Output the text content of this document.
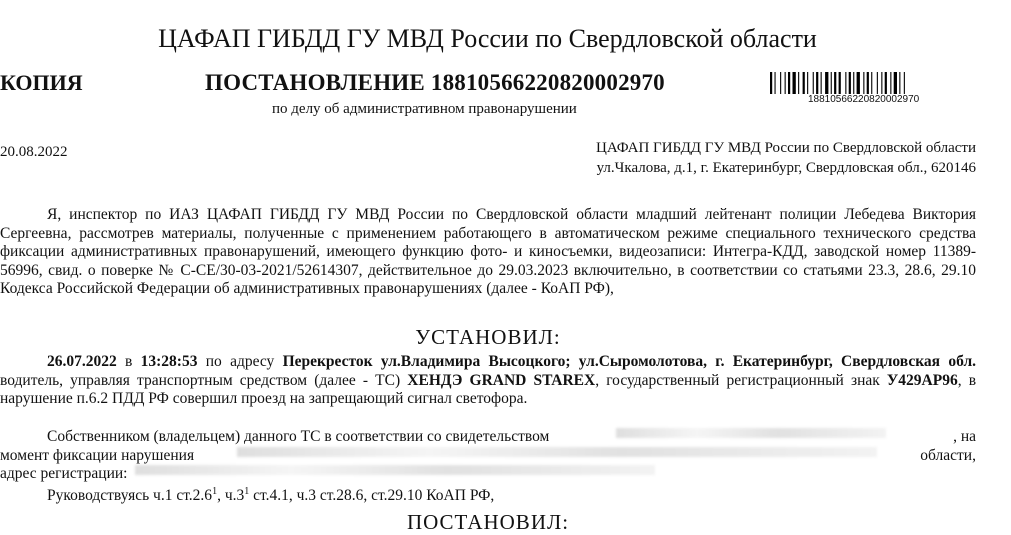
ЦАФАП ГИБДД ГУ МВД России по Свердловской области
КОПИЯ	ПОСТАНОВЛЕНИЕ 18810566220820002970
по делу об административном правонарушении
18810566220820002970
20.08.2022	ЦАФАП ГИБДД ГУ МВД России по Свердловской области
ул.Чкалова, д.1, г. Екатеринбург, Свердловская обл., 620146
Я, инспектор по ИАЗ ЦАФАП ГИБДД ГУ МВД России по Свердловской области младший лейтенант полиции Лебедева Виктория Сергеевна, рассмотрев материалы, полученные с применением работающего в автоматическом режиме специального технического средства фиксации административных правонарушений, имеющего функцию фото- и киносъемки, видеозаписи: Интегра-КДД, заводской номер 11389-56996, свид. о поверке № С-СЕ/30-03-2021/52614307, действительное до 29.03.2023 включительно, в соответствии со статьями 23.3, 28.6, 29.10 Кодекса Российской Федерации об административных правонарушениях (далее - КоАП РФ),
УСТАНОВИЛ:
26.07.2022 в 13:28:53 по адресу Перекресток ул.Владимира Высоцкого; ул.Сыромолотова, г. Екатеринбург, Свердловская обл. водитель, управляя транспортным средством (далее - ТС) ХЕНДЭ GRAND STAREX, государственный регистрационный знак У429АР96, в нарушение п.6.2 ПДД РФ совершил проезд на запрещающий сигнал светофора.
Собственником (владельцем) данного ТС в соответствии со свидетельством	, на
момент фиксации нарушения	области,
адрес регистрации:
Руководствуясь ч.1 ст.2.6$^1$, $ч.3^1$ ст.4.1, ч.3 ст.28.6, ст.29.10 КоАП РФ,
ПОСТАНОВИЛ:
